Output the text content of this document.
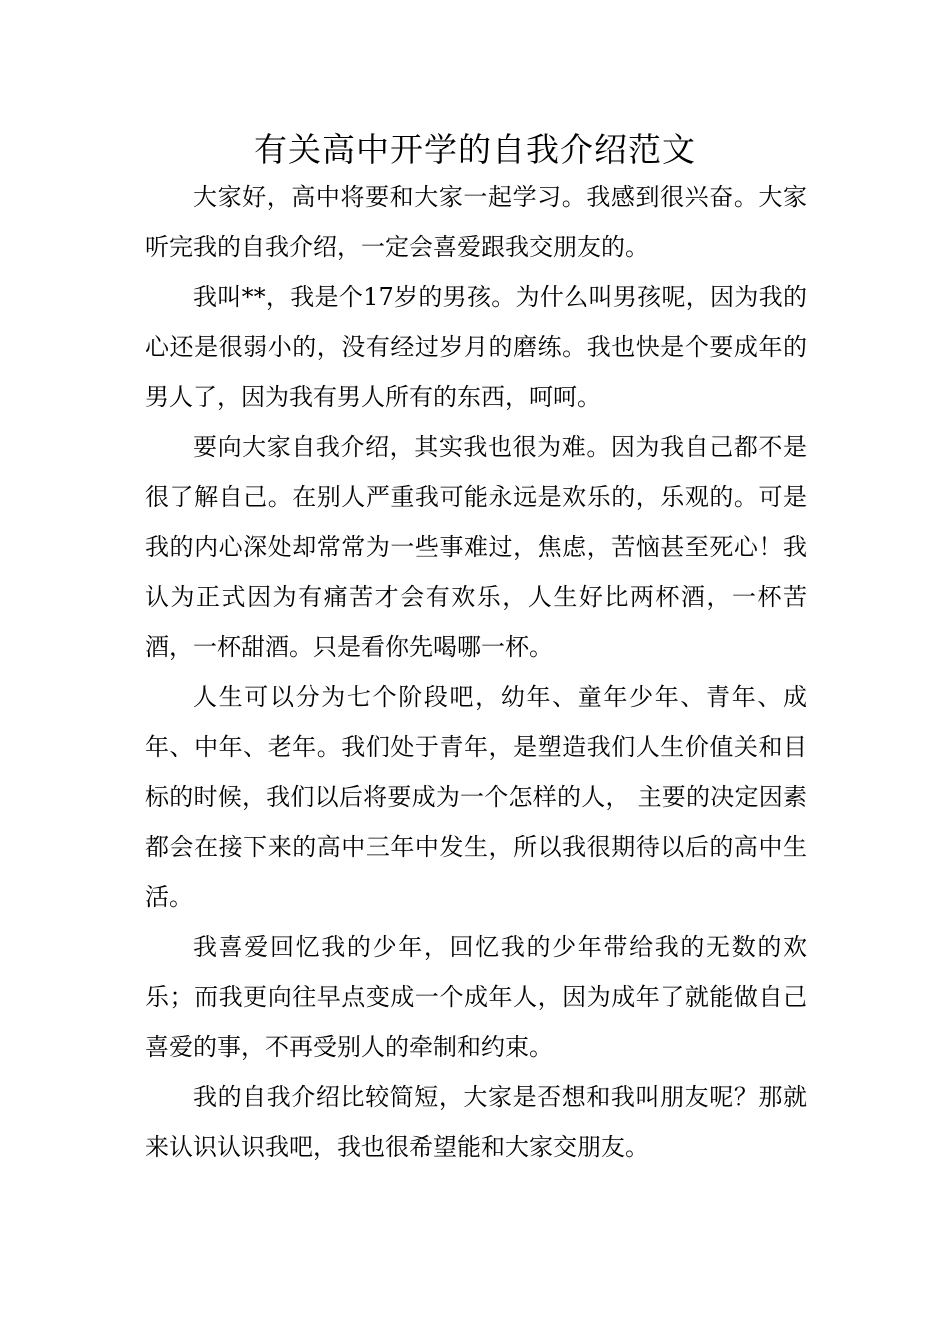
有关高中开学的自我介绍范文

大家好，高中将要和大家一起学习。我感到很兴奋。大家听完我的自我介绍，一定会喜爱跟我交朋友的。

我叫**，我是个17岁的男孩。为什么叫男孩呢，因为我的心还是很弱小的，没有经过岁月的磨练。我也快是个要成年的男人了，因为我有男人所有的东西，呵呵。

要向大家自我介绍，其实我也很为难。因为我自己都不是很了解自己。在别人严重我可能永远是欢乐的，乐观的。可是我的内心深处却常常为一些事难过，焦虑，苦恼甚至死心！我认为正式因为有痛苦才会有欢乐，人生好比两杯酒，一杯苦酒，一杯甜酒。只是看你先喝哪一杯。

人生可以分为七个阶段吧，幼年、童年少年、青年、成年、中年、老年。我们处于青年，是塑造我们人生价值关和目标的时候，我们以后将要成为一个怎样的人， 主要的决定因素都会在接下来的高中三年中发生，所以我很期待以后的高中生活。

我喜爱回忆我的少年，回忆我的少年带给我的无数的欢乐；而我更向往早点变成一个成年人，因为成年了就能做自己喜爱的事，不再受别人的牵制和约束。

我的自我介绍比较简短，大家是否想和我叫朋友呢？那就来认识认识我吧，我也很希望能和大家交朋友。
